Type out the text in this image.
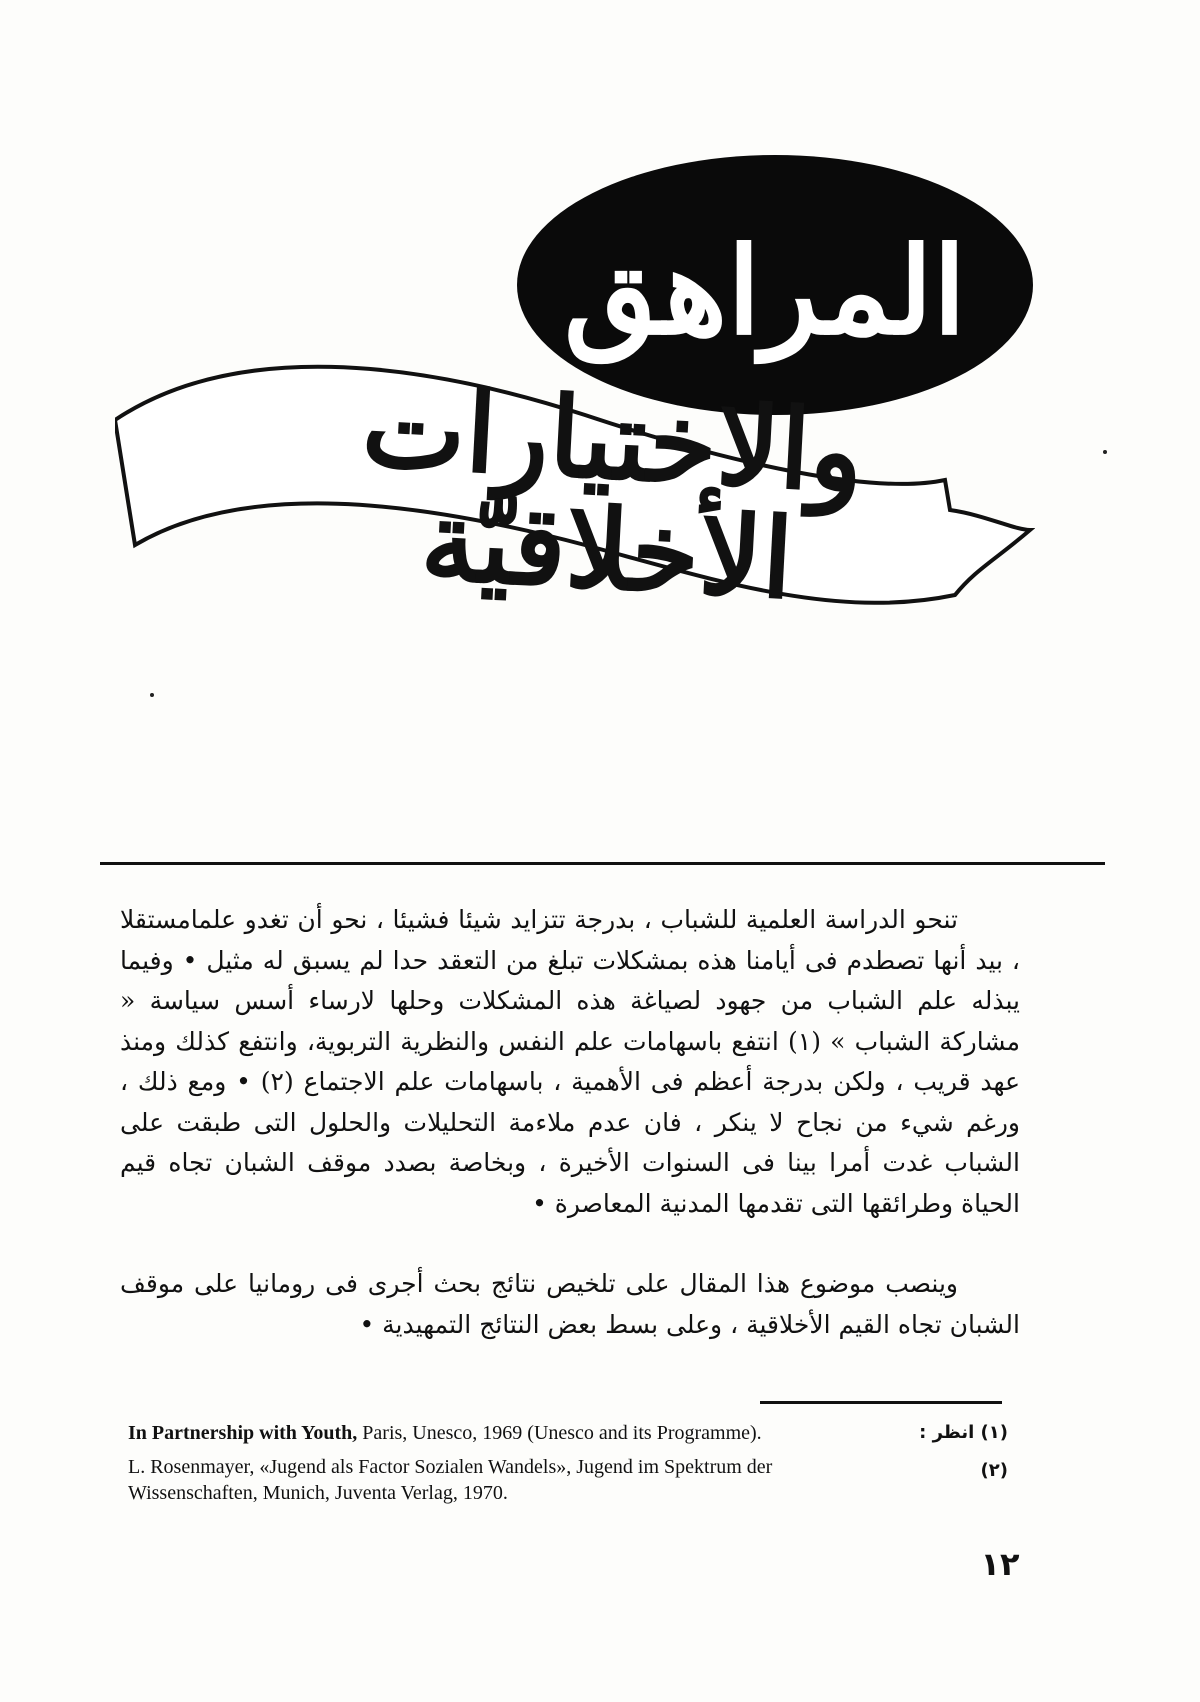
المراهق
والاختيارات الأخلاقيّة

تنحو الدراسة العلمية للشباب ، بدرجة تتزايد شيئا فشيئا ، نحو أن تغدو علمامستقلا ، بيد أنها تصطدم فى أيامنا هذه بمشكلات تبلغ من التعقد حدا لم يسبق له مثيل • وفيما يبذله علم الشباب من جهود لصياغة هذه المشكلات وحلها لارساء أسس سياسة « مشاركة الشباب » (١) انتفع باسهامات علم النفس والنظرية التربوية، وانتفع كذلك ومنذ عهد قريب ، ولكن بدرجة أعظم فى الأهمية ، باسهامات علم الاجتماع (٢) • ومع ذلك ، ورغم شيء من نجاح لا ينكر ، فان عدم ملاءمة التحليلات والحلول التى طبقت على الشباب غدت أمرا بينا فى السنوات الأخيرة ، وبخاصة بصدد موقف الشبان تجاه قيم الحياة وطرائقها التى تقدمها المدنية المعاصرة •

وينصب موضوع هذا المقال على تلخيص نتائج بحث أجرى فى رومانيا على موقف الشبان تجاه القيم الأخلاقية ، وعلى بسط بعض النتائج التمهيدية •

In Partnership with Youth, Paris, Unesco, 1969 (Unesco and its Programme).	(١) انظر :
L. Rosenmayer, «Jugend als Factor Sozialen Wandels», Jugend im Spektrum der Wissenschaften, Munich, Juventa Verlag, 1970.
(٢)
١٢
